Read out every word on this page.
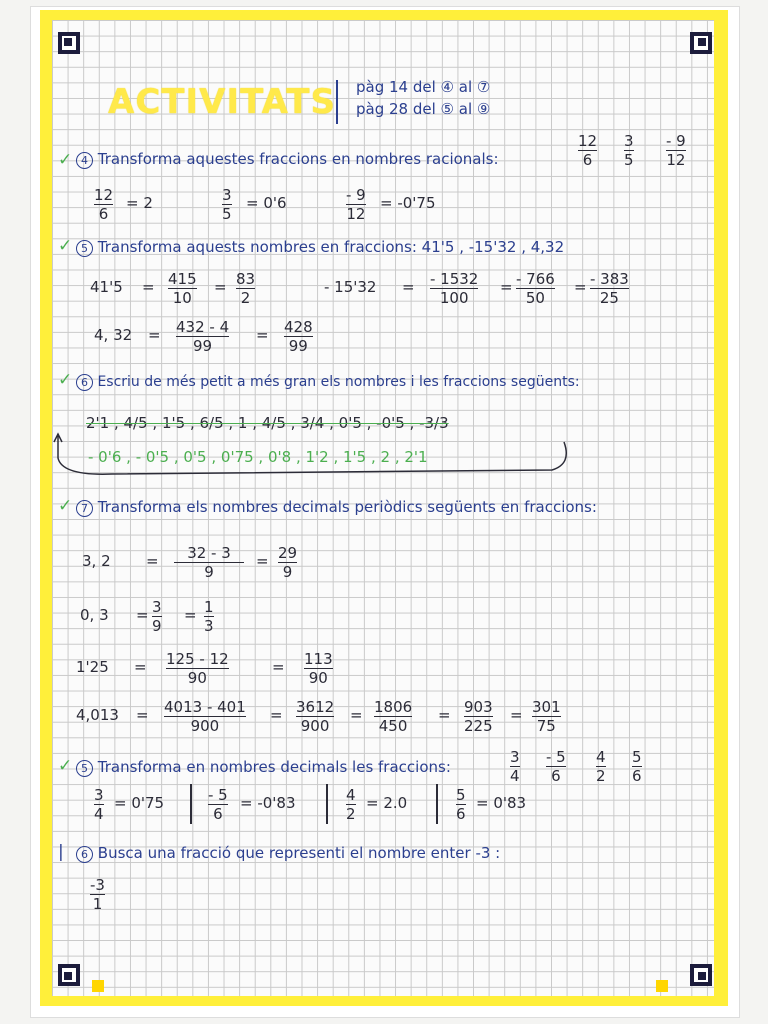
ACTIVITATS pàg 14 del ④ al ⑦
pàg 28 del ⑤ al ⑨
✓ 4 Transforma aquestes fraccions en nombres racionals:
12
6
3
5
- 9
12
12
6
= 2	3
5
= 0'6	- 9
12
= -0'75
✓ 5 Transforma aquests nombres en fraccions: 41'5 , -15'32 , 4,32
41'5 = 415
10
= 83
2
- 15'32 = - 1532
100
= - 766
50
= - 383
25
4, 32 = 432 - 4
99
= 428
99
✓ 6 Escriu de més petit a més gran els nombres i les fraccions següents:
2'1 , 4/5 , 1'5 , 6/5 , 1 , 4/5 , 3/4 , 0'5 , -0'5 , -3/3
- 0'6 , - 0'5 , 0'5 , 0'75 , 0'8 , 1'2 , 1'5 , 2 , 2'1
✓ 7 Transforma els nombres decimals periòdics següents en fraccions:
3, 2 = 32 - 3
9
= 29
9
0, 3 = 3
9
= 1
3
1'25 = 125 - 12
90
= 113
90
4,013 = 4013 - 401
900
= 3612
900
= 1806
450
= 903
225
= 301
75
✓ 5 Transforma en nombres decimals les fraccions:
3
4
- 5
6
4
2
5
6
3
4
= 0'75	- 5
6
= -0'83	4
2
= 2.0	5
6
= 0'83
|	6 Busca una fracció que representi el nombre enter -3 :
-3
1
